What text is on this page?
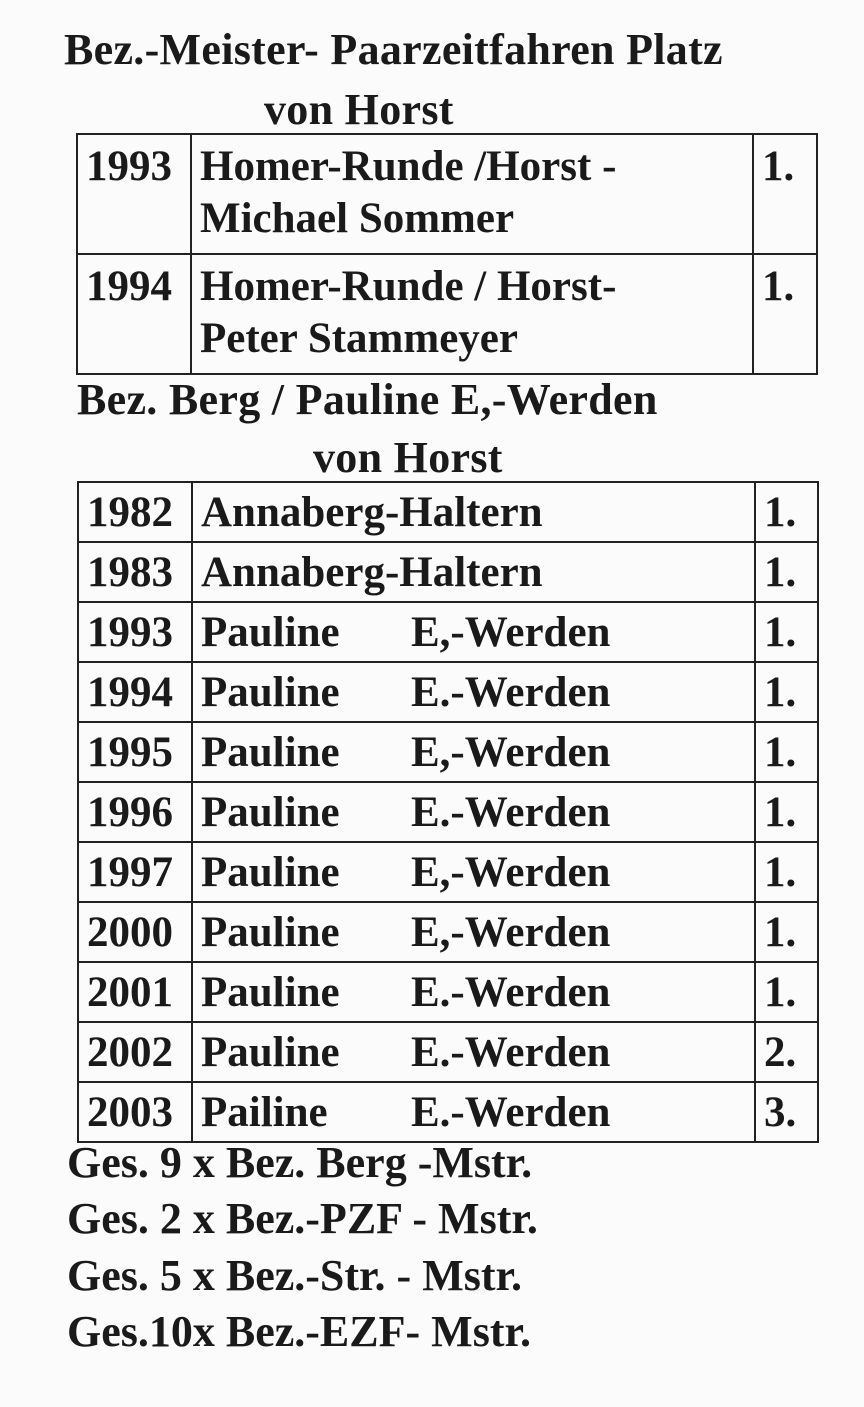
Bez.-Meister- Paarzeitfahren Platz
von Horst
1993	Homer-Runde /Horst -
Michael Sommer	1.
1994	Homer-Runde / Horst-
Peter Stammeyer	1.
Bez. Berg / Pauline E,-Werden
von Horst
1982	Annaberg-Haltern	1.
1983	Annaberg-Haltern	1.
1993	Pauline E,-Werden	1.
1994	Pauline E.-Werden	1.
1995	Pauline E,-Werden	1.
1996	Pauline E.-Werden	1.
1997	Pauline E,-Werden	1.
2000	Pauline E,-Werden	1.
2001	Pauline E.-Werden	1.
2002	Pauline E.-Werden	2.
2003	Pailine E.-Werden	3.
Ges. 9 x Bez. Berg -Mstr.
Ges. 2 x Bez.-PZF - Mstr.
Ges. 5 x Bez.-Str. - Mstr.
Ges.10x Bez.-EZF- Mstr.
